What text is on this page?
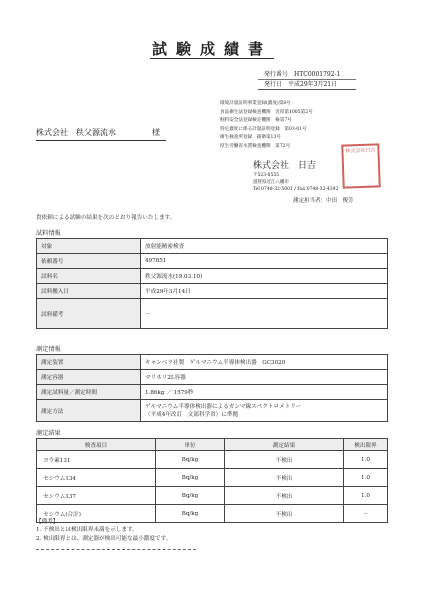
試験成績書
発行番号　HTC0001792-1
発行日　平成29年3月21日
環境計量証明事業登録(濃度)第8号
食品衛生法登録検査機関　近厚第1005第2号
飼料安全法登録検定機関　検第7号
特定濃度に係る計量証明登録　第03-01号
衛生検査所登録　箱衛第13号
厚生労働省水質検査機関　第72号
株式会社　秩父源流水	様
株式会社　日吉
〒523-8555
滋賀県近江八幡市
Tel 0748-32-5001 / Fax 0748-32-4392
株式会社日吉
測定担当者：中田　俊芳
貴依頼による試験の結果を次のとおり報告いたします。
試料情報
対象	放射能精密検査
依頼番号	497851
試料名	秩父源流水(19.03.10)
試料搬入日	平成29年3月14日
試料備考	－
測定情報
測定装置	キャンベラ社製　ゲルマニウム半導体検出器　GC3020
測定容器	マリネリ2L容器
測定試料量／測定時間	1.86kg ／ 1579秒
測定方法	ゲルマニウム半導体検出器によるガンマ線スペクトロメトリー
（平成4年改訂　文部科学省）に準拠
測定結果
検査項目	単位	測定結果	検出限界
ヨウ素131	Bq/kg	不検出	1.0
セシウム134	Bq/kg	不検出	1.0
セシウム137	Bq/kg	不検出	1.0
セシウム(合計)	Bq/kg	不検出	－
【備考】
1. 不検出とは検出限界未満を示します。
2. 検出限界とは、測定器が検出可能な最小濃度です。
